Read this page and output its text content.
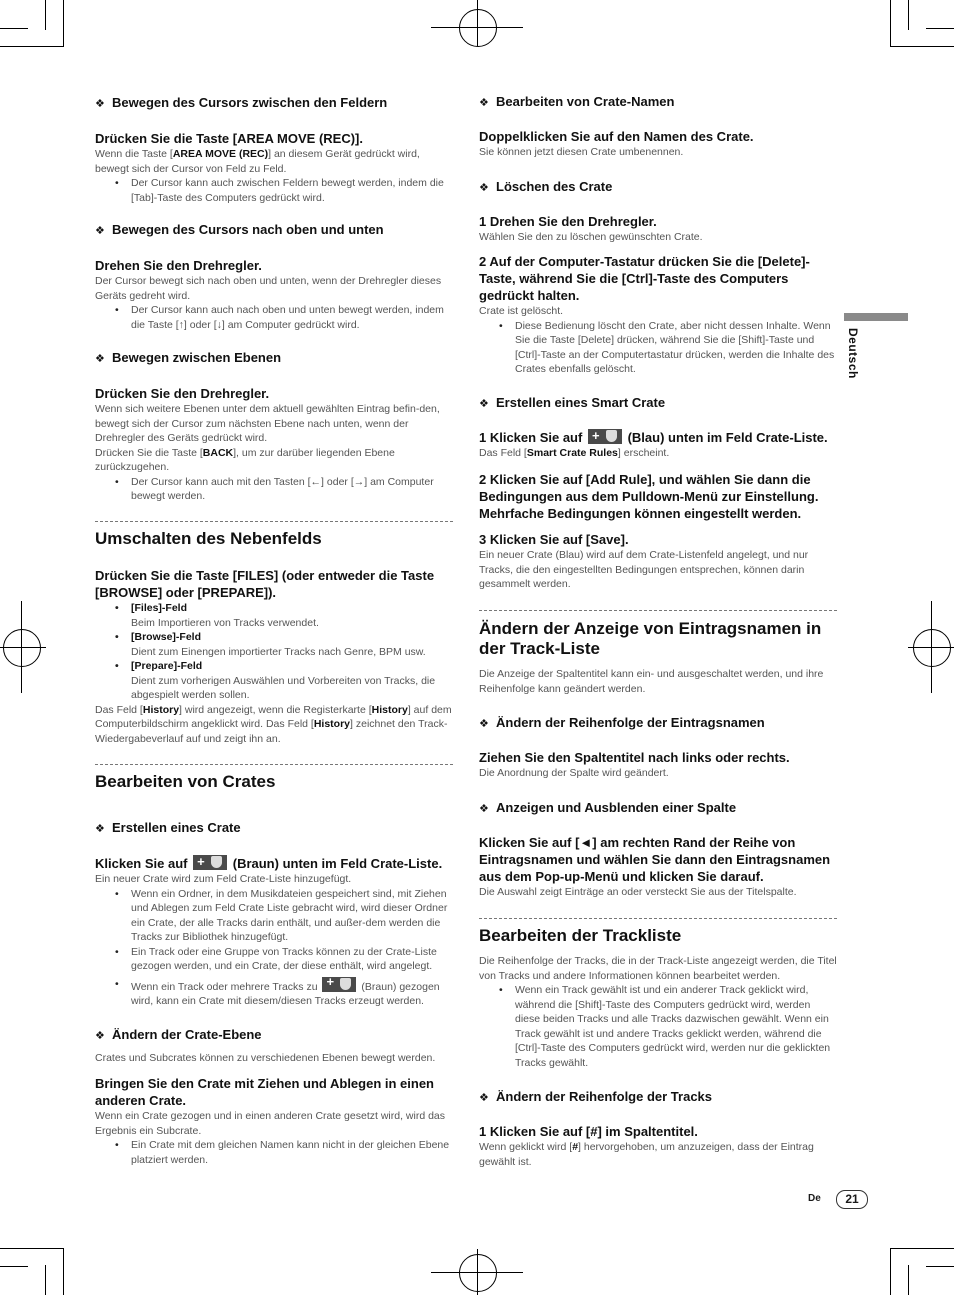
❖ Bewegen des Cursors zwischen den Feldern
Drücken Sie die Taste [AREA MOVE (REC)].
Wenn die Taste [AREA MOVE (REC)] an diesem Gerät gedrückt wird, bewegt sich der Cursor von Feld zu Feld.
• Der Cursor kann auch zwischen Feldern bewegt werden, indem die [Tab]-Taste des Computers gedrückt wird.
❖ Bewegen des Cursors nach oben und unten
Drehen Sie den Drehregler.
Der Cursor bewegt sich nach oben und unten, wenn der Drehregler dieses Geräts gedreht wird.
• Der Cursor kann auch nach oben und unten bewegt werden, indem die Taste [↑] oder [↓] am Computer gedrückt wird.
❖ Bewegen zwischen Ebenen
Drücken Sie den Drehregler.
Wenn sich weitere Ebenen unter dem aktuell gewählten Eintrag befin-den, bewegt sich der Cursor zum nächsten Ebene nach unten, wenn der Drehregler des Geräts gedrückt wird.
Drücken Sie die Taste [BACK], um zur darüber liegenden Ebene zurückzugehen.
• Der Cursor kann auch mit den Tasten [←] oder [→] am Computer bewegt werden.
Umschalten des Nebenfelds
Drücken Sie die Taste [FILES] (oder entweder die Taste [BROWSE] oder [PREPARE]).
• [Files]-Feld
Beim Importieren von Tracks verwendet.
• [Browse]-Feld
Dient zum Einengen importierter Tracks nach Genre, BPM usw.
• [Prepare]-Feld
Dient zum vorherigen Auswählen und Vorbereiten von Tracks, die abgespielt werden sollen.
Das Feld [History] wird angezeigt, wenn die Registerkarte [History] auf dem Computerbildschirm angeklickt wird. Das Feld [History] zeichnet den Track-Wiedergabeverlauf auf und zeigt ihn an.
Bearbeiten von Crates
❖ Erstellen eines Crate
Klicken Sie auf + (Braun) unten im Feld Crate-Liste.
Ein neuer Crate wird zum Feld Crate-Liste hinzugefügt.
• Wenn ein Ordner, in dem Musikdateien gespeichert sind, mit Ziehen und Ablegen zum Feld Crate Liste gebracht wird, wird dieser Ordner ein Crate, der alle Tracks darin enthält, und außer-dem werden die Tracks zur Bibliothek hinzugefügt.
• Ein Track oder eine Gruppe von Tracks können zu der Crate-Liste gezogen werden, und ein Crate, der diese enthält, wird angelegt.
• Wenn ein Track oder mehrere Tracks zu +	(Braun) gezogen wird, kann ein Crate mit diesem/diesen Tracks erzeugt werden.
❖ Ändern der Crate-Ebene
Crates und Subcrates können zu verschiedenen Ebenen bewegt werden.
Bringen Sie den Crate mit Ziehen und Ablegen in einen anderen Crate.
Wenn ein Crate gezogen und in einen anderen Crate gesetzt wird, wird das Ergebnis ein Subcrate.
• Ein Crate mit dem gleichen Namen kann nicht in der gleichen Ebene platziert werden.
❖ Bearbeiten von Crate-Namen
Doppelklicken Sie auf den Namen des Crate.
Sie können jetzt diesen Crate umbenennen.
❖ Löschen des Crate
1 Drehen Sie den Drehregler.
Wählen Sie den zu löschen gewünschten Crate.
2 Auf der Computer-Tastatur drücken Sie die [Delete]-Taste, während Sie die [Ctrl]-Taste des Computers gedrückt halten.
Crate ist gelöscht.
• Diese Bedienung löscht den Crate, aber nicht dessen Inhalte. Wenn Sie die Taste [Delete] drücken, während Sie die [Shift]-Taste und [Ctrl]-Taste an der Computertastatur drücken, werden die Inhalte des Crates ebenfalls gelöscht.
❖ Erstellen eines Smart Crate
1 Klicken Sie auf + (Blau) unten im Feld Crate-Liste.
Das Feld [Smart Crate Rules] erscheint.
2 Klicken Sie auf [Add Rule], und wählen Sie dann die Bedingungen aus dem Pulldown-Menü zur Einstellung. Mehrfache Bedingungen können eingestellt werden.
3 Klicken Sie auf [Save].
Ein neuer Crate (Blau) wird auf dem Crate-Listenfeld angelegt, und nur Tracks, die den eingestellten Bedingungen entsprechen, können darin gesammelt werden.
Ändern der Anzeige von Eintragsnamen in der Track-Liste
Die Anzeige der Spaltentitel kann ein- und ausgeschaltet werden, und ihre Reihenfolge kann geändert werden.
❖ Ändern der Reihenfolge der Eintragsnamen
Ziehen Sie den Spaltentitel nach links oder rechts.
Die Anordnung der Spalte wird geändert.
❖ Anzeigen und Ausblenden einer Spalte
Klicken Sie auf [◄] am rechten Rand der Reihe von Eintragsnamen und wählen Sie dann den Eintragsnamen aus dem Pop-up-Menü und klicken Sie darauf.
Die Auswahl zeigt Einträge an oder versteckt Sie aus der Titelspalte.
Bearbeiten der Trackliste
Die Reihenfolge der Tracks, die in der Track-Liste angezeigt werden, die Titel von Tracks und andere Informationen können bearbeitet werden.
• Wenn ein Track gewählt ist und ein anderer Track geklickt wird, während die [Shift]-Taste des Computers gedrückt wird, werden diese beiden Tracks und alle Tracks dazwischen gewählt. Wenn ein Track gewählt ist und andere Tracks geklickt werden, während die [Ctrl]-Taste des Computers gedrückt wird, werden nur die geklickten Tracks gewählt.
❖ Ändern der Reihenfolge der Tracks
1 Klicken Sie auf [#] im Spaltentitel.
Wenn geklickt wird [#] hervorgehoben, um anzuzeigen, dass der Eintrag gewählt ist.
Deutsch
De	21
